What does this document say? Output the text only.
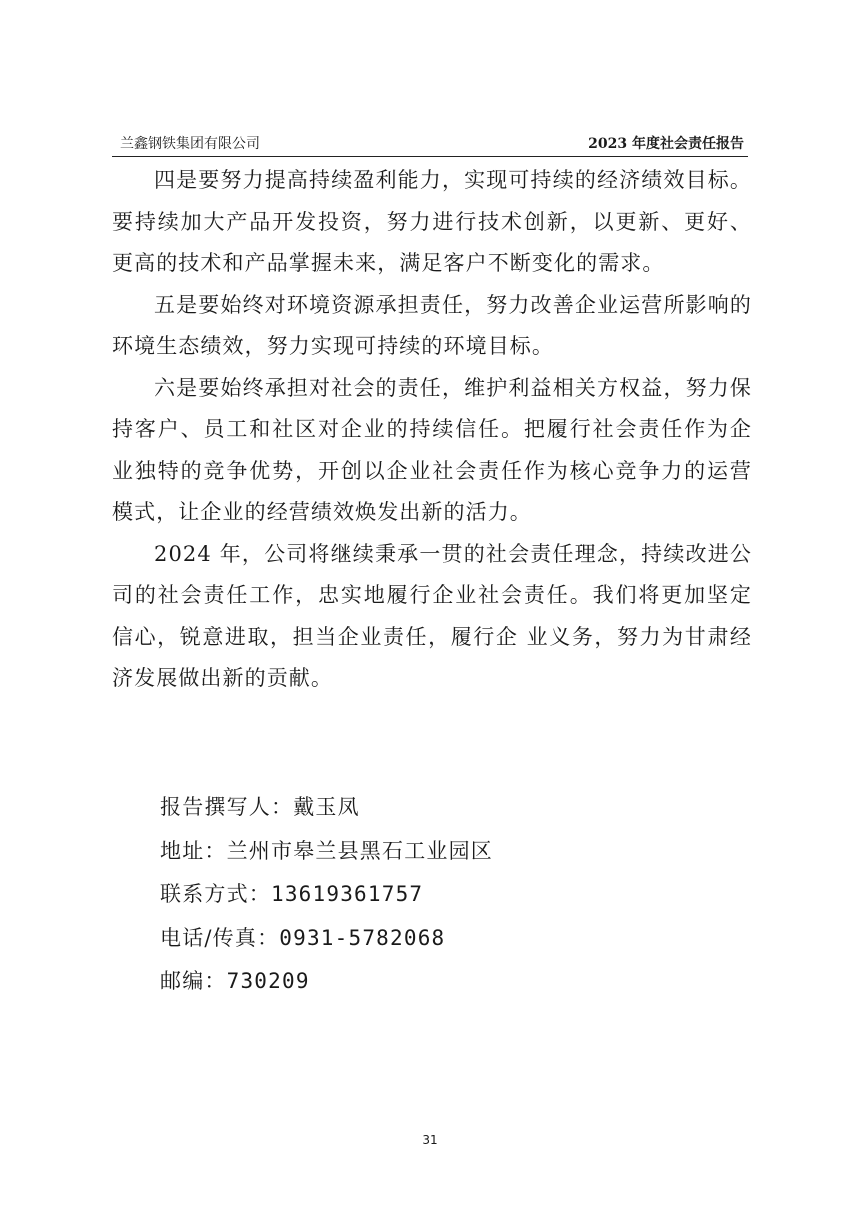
兰鑫钢铁集团有限公司	2023 年度社会责任报告

四是要努力提高持续盈利能力，实现可持续的经济绩效目标。要持续加大产品开发投资，努力进行技术创新，以更新、更好、更高的技术和产品掌握未来，满足客户不断变化的需求。

五是要始终对环境资源承担责任，努力改善企业运营所影响的环境生态绩效，努力实现可持续的环境目标。

六是要始终承担对社会的责任，维护利益相关方权益，努力保持客户、员工和社区对企业的持续信任。把履行社会责任作为企业独特的竞争优势，开创以企业社会责任作为核心竞争力的运营模式，让企业的经营绩效焕发出新的活力。

2024 年，公司将继续秉承一贯的社会责任理念，持续改进公司的社会责任工作，忠实地履行企业社会责任。我们将更加坚定信心，锐意进取，担当企业责任，履行企 业义务，努力为甘肃经济发展做出新的贡献。

报告撰写人：戴玉凤
地址：兰州市皋兰县黑石工业园区
联系方式：13619361757
电话/传真：0931-5782068
邮编：730209
31
